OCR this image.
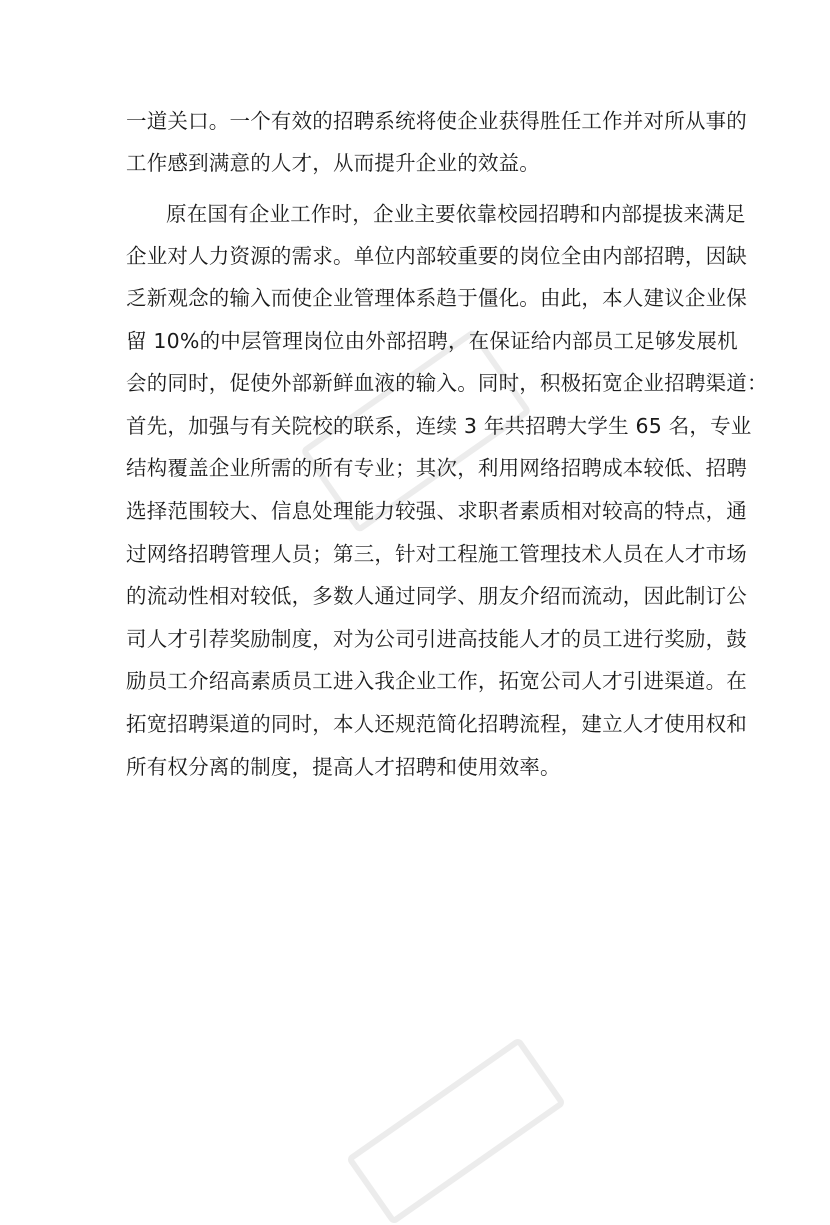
一道关口。一个有效的招聘系统将使企业获得胜任工作并对所从事的
工作感到满意的人才，从而提升企业的效益。
原在国有企业工作时，企业主要依靠校园招聘和内部提拔来满足
企业对人力资源的需求。单位内部较重要的岗位全由内部招聘，因缺
乏新观念的输入而使企业管理体系趋于僵化。由此，本人建议企业保
留 10%的中层管理岗位由外部招聘，在保证给内部员工足够发展机
会的同时，促使外部新鲜血液的输入。同时，积极拓宽企业招聘渠道：
首先，加强与有关院校的联系，连续 3 年共招聘大学生 65 名，专业
结构覆盖企业所需的所有专业；其次，利用网络招聘成本较低、招聘
选择范围较大、信息处理能力较强、求职者素质相对较高的特点，通
过网络招聘管理人员；第三，针对工程施工管理技术人员在人才市场
的流动性相对较低，多数人通过同学、朋友介绍而流动，因此制订公
司人才引荐奖励制度，对为公司引进高技能人才的员工进行奖励，鼓
励员工介绍高素质员工进入我企业工作，拓宽公司人才引进渠道。在
拓宽招聘渠道的同时，本人还规范简化招聘流程，建立人才使用权和
所有权分离的制度，提高人才招聘和使用效率。
